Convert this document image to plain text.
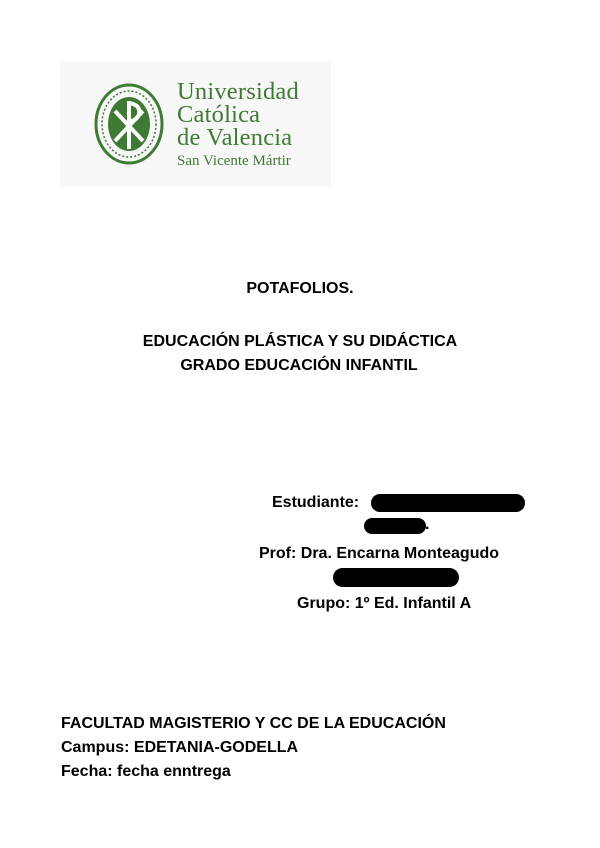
Universidad
Católica
de Valencia
San Vicente Mártir
POTAFOLIOS.
EDUCACIÓN PLÁSTICA Y SU DIDÁCTICA
GRADO EDUCACIÓN INFANTIL
Estudiante:
.
Prof: Dra. Encarna Monteagudo
Grupo: 1º Ed. Infantil A
FACULTAD MAGISTERIO Y CC DE LA EDUCACIÓN
Campus: EDETANIA-GODELLA
Fecha: fecha enntrega
